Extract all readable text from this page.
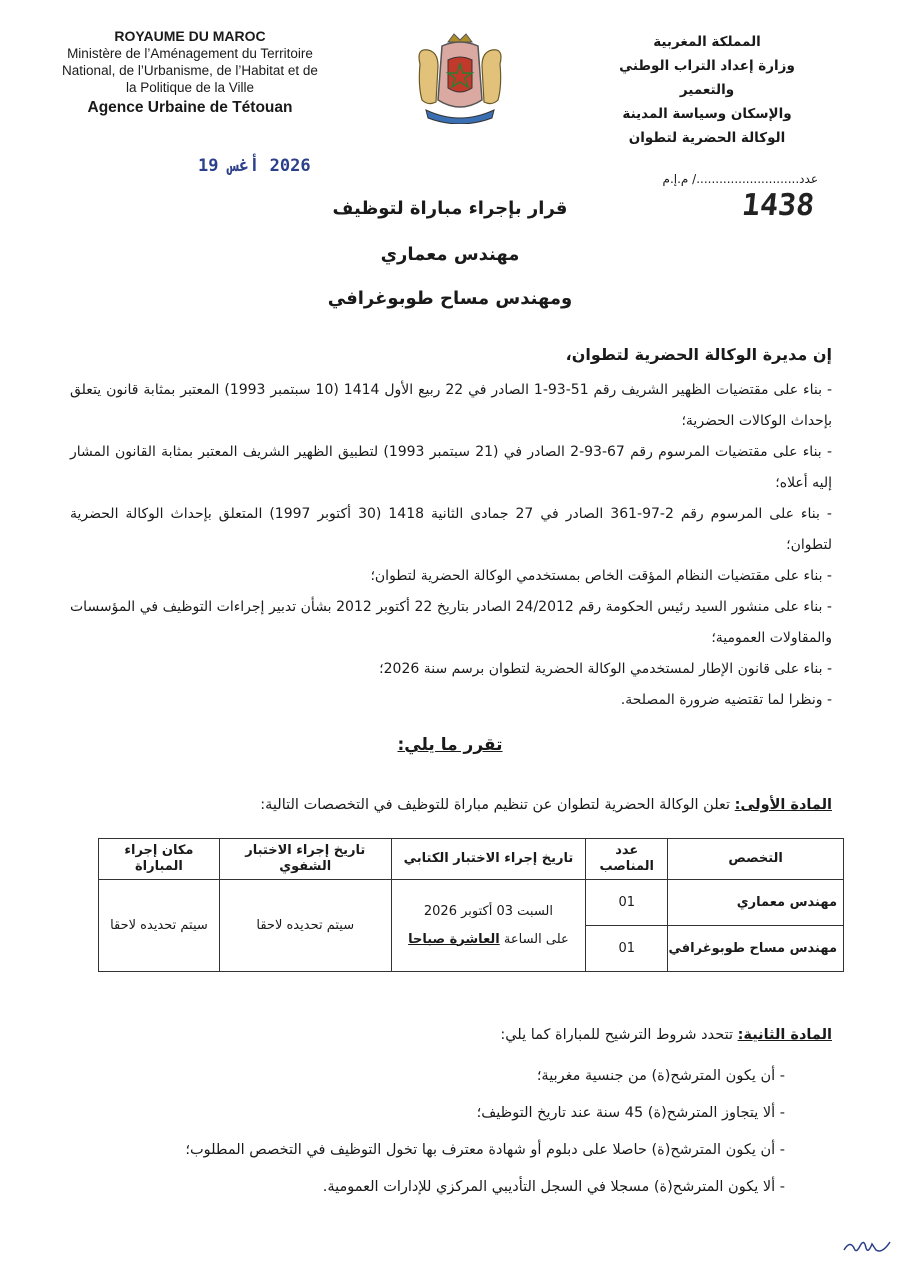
ROYAUME DU MAROC
Ministère de l’Aménagement du Territoire
National, de l’Urbanisme, de l’Habitat et de
la Politique de la Ville
Agence Urbaine de Tétouan
المملكة المغربية
وزارة إعداد التراب الوطني والتعمير
والإسكان وسياسة المدينة
الوكالة الحضرية لتطوان
2026 أغس 19
عدد.........................../ م.إ.م
1438
قرار بإجراء مباراة لتوظيف
مهندس معماري
ومهندس مساح طوبوغرافي
إن مديرة الوكالة الحضرية لتطوان،
- بناء على مقتضيات الظهير الشريف رقم 51-93-1 الصادر في 22 ربيع الأول 1414 (10 سبتمبر 1993) المعتبر بمثابة قانون يتعلق بإحداث الوكالات الحضرية؛
- بناء على مقتضيات المرسوم رقم 67-93-2 الصادر في (21 سبتمبر 1993) لتطبيق الظهير الشريف المعتبر بمثابة القانون المشار إليه أعلاه؛
- بناء على المرسوم رقم 2-97-361 الصادر في 27 جمادى الثانية 1418 (30 أكتوبر 1997) المتعلق بإحداث الوكالة الحضرية لتطوان؛
- بناء على مقتضيات النظام المؤقت الخاص بمستخدمي الوكالة الحضرية لتطوان؛
- بناء على منشور السيد رئيس الحكومة رقم 24/2012 الصادر بتاريخ 22 أكتوبر 2012 بشأن تدبير إجراءات التوظيف في المؤسسات والمقاولات العمومية؛
- بناء على قانون الإطار لمستخدمي الوكالة الحضرية لتطوان برسم سنة 2026؛
- ونظرا لما تقتضيه ضرورة المصلحة.
تقرر ما يلي:
المادة الأولى: تعلن الوكالة الحضرية لتطوان عن تنظيم مباراة للتوظيف في التخصصات التالية:
التخصص	عدد المناصب	تاريخ إجراء الاختبار الكتابي	تاريخ إجراء الاختبار الشفوي	مكان إجراء المباراة
مهندس معماري	01	السبت 03 أكتوبر 2026
على الساعة العاشرة صباحا	سيتم تحديده لاحقا	سيتم تحديده لاحقا
مهندس مساح طوبوغرافي	01			
المادة الثانية: تتحدد شروط الترشيح للمباراة كما يلي:
- أن يكون المترشح(ة) من جنسية مغربية؛
- ألا يتجاوز المترشح(ة) 45 سنة عند تاريخ التوظيف؛
- أن يكون المترشح(ة) حاصلا على دبلوم أو شهادة معترف بها تخول التوظيف في التخصص المطلوب؛
- ألا يكون المترشح(ة) مسجلا في السجل التأديبي المركزي للإدارات العمومية.
